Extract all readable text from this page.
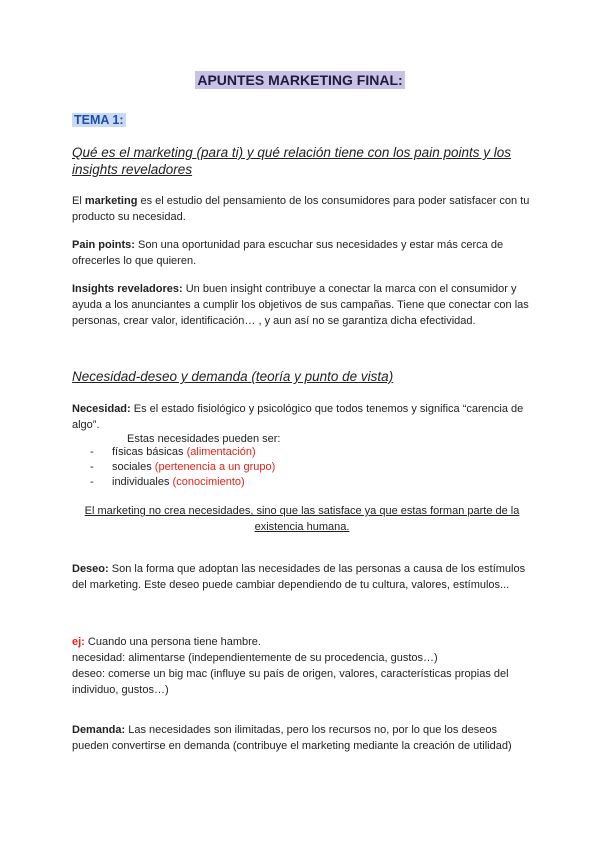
APUNTES MARKETING FINAL:
TEMA 1:
Qué es el marketing (para ti) y qué relación tiene con los pain points y los insights reveladores
El marketing es el estudio del pensamiento de los consumidores para poder satisfacer con tu producto su necesidad.
Pain points: Son una oportunidad para escuchar sus necesidades y estar más cerca de ofrecerles lo que quieren.
Insights reveladores: Un buen insight contribuye a conectar la marca con el consumidor y ayuda a los anunciantes a cumplir los objetivos de sus campañas. Tiene que conectar con las personas, crear valor, identificación… , y aun así no se garantiza dicha efectividad.
Necesidad-deseo y demanda (teoría y punto de vista)
Necesidad: Es el estado fisiológico y psicológico que todos tenemos y significa “carencia de algo”.
Estas necesidades pueden ser:
- físicas básicas (alimentación)
- sociales (pertenencia a un grupo)
- individuales (conocimiento)
El marketing no crea necesidades, sino que las satisface ya que estas forman parte de la existencia humana.
Deseo: Son la forma que adoptan las necesidades de las personas a causa de los estímulos del marketing. Este deseo puede cambiar dependiendo de tu cultura, valores, estímulos...
ej: Cuando una persona tiene hambre.
necesidad: alimentarse (independientemente de su procedencia, gustos…)
deseo: comerse un big mac (influye su país de origen, valores, características propias del individuo, gustos…)
Demanda: Las necesidades son ilimitadas, pero los recursos no, por lo que los deseos pueden convertirse en demanda (contribuye el marketing mediante la creación de utilidad)
